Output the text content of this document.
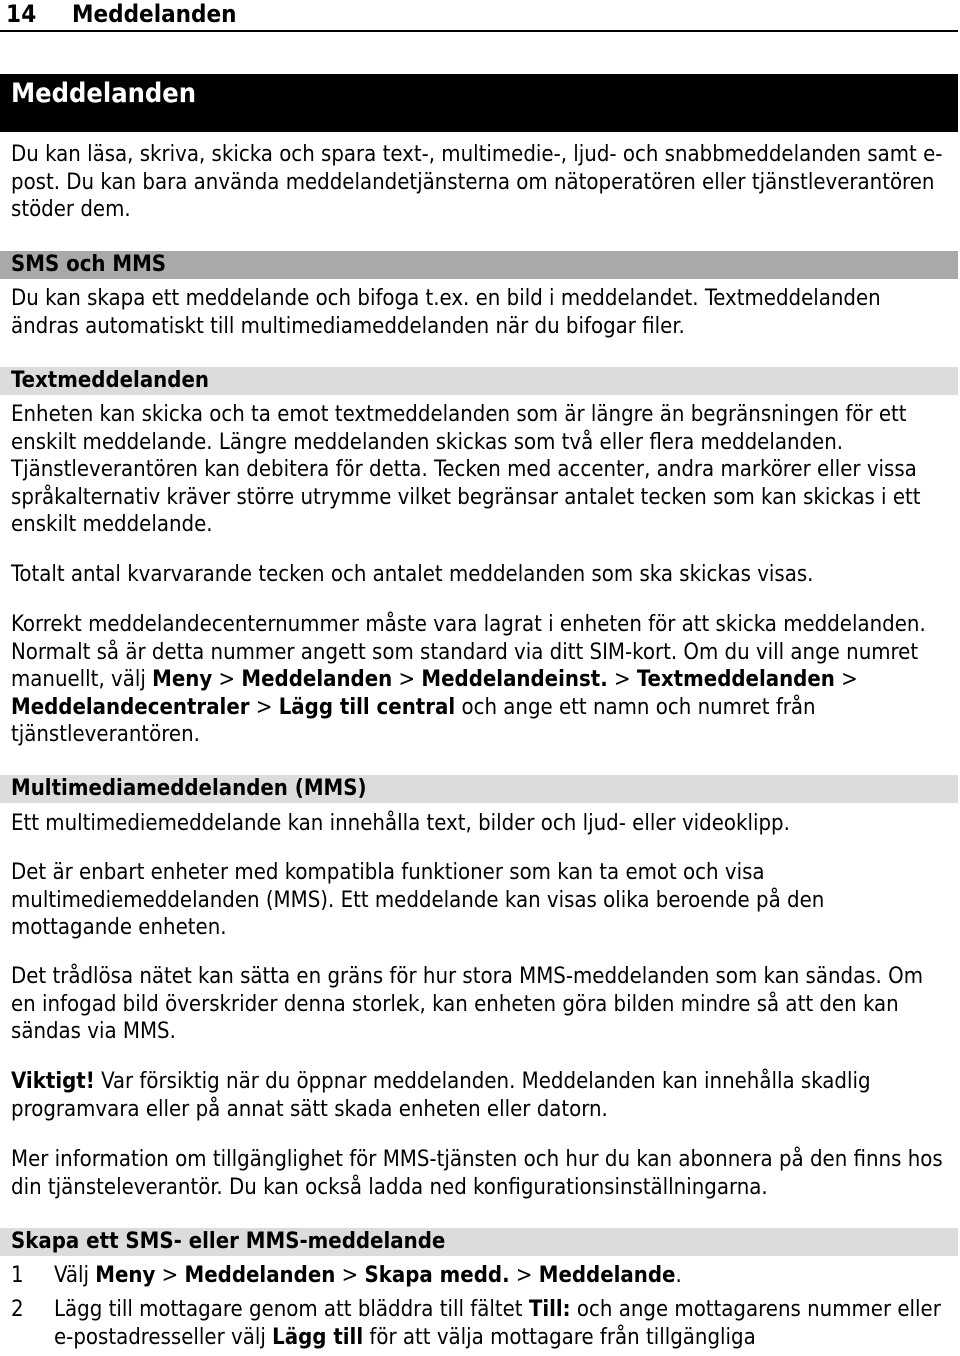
14 Meddelanden
Meddelanden
Du kan läsa, skriva, skicka och spara text-, multimedie-, ljud- och snabbmeddelanden samt e-post. Du kan bara använda meddelandetjänsterna om nätoperatören eller tjänstleverantören stöder dem.
SMS och MMS
Du kan skapa ett meddelande och bifoga t.ex. en bild i meddelandet. Textmeddelanden ändras automatiskt till multimediameddelanden när du bifogar filer.
Textmeddelanden
Enheten kan skicka och ta emot textmeddelanden som är längre än begränsningen för ett enskilt meddelande. Längre meddelanden skickas som två eller flera meddelanden. Tjänstleverantören kan debitera för detta. Tecken med accenter, andra markörer eller vissa språkalternativ kräver större utrymme vilket begränsar antalet tecken som kan skickas i ett enskilt meddelande.
Totalt antal kvarvarande tecken och antalet meddelanden som ska skickas visas.
Korrekt meddelandecenternummer måste vara lagrat i enheten för att skicka meddelanden. Normalt så är detta nummer angett som standard via ditt SIM-kort. Om du vill ange numret manuellt, välj Meny > Meddelanden > Meddelandeinst. > Textmeddelanden > Meddelandecentraler > Lägg till central och ange ett namn och numret från tjänstleverantören.
Multimediameddelanden (MMS)
Ett multimediemeddelande kan innehålla text, bilder och ljud- eller videoklipp.
Det är enbart enheter med kompatibla funktioner som kan ta emot och visa multimediemeddelanden (MMS). Ett meddelande kan visas olika beroende på den mottagande enheten.
Det trådlösa nätet kan sätta en gräns för hur stora MMS-meddelanden som kan sändas. Om en infogad bild överskrider denna storlek, kan enheten göra bilden mindre så att den kan sändas via MMS.
Viktigt! Var försiktig när du öppnar meddelanden. Meddelanden kan innehålla skadlig programvara eller på annat sätt skada enheten eller datorn.
Mer information om tillgänglighet för MMS-tjänsten och hur du kan abonnera på den finns hos din tjänsteleverantör. Du kan också ladda ned konfigurationsinställningarna.
Skapa ett SMS- eller MMS-meddelande
1 Välj Meny > Meddelanden > Skapa medd. > Meddelande.
2 Lägg till mottagare genom att bläddra till fältet Till: och ange mottagarens nummer eller e-postadresseller välj Lägg till för att välja mottagare från tillgängliga
